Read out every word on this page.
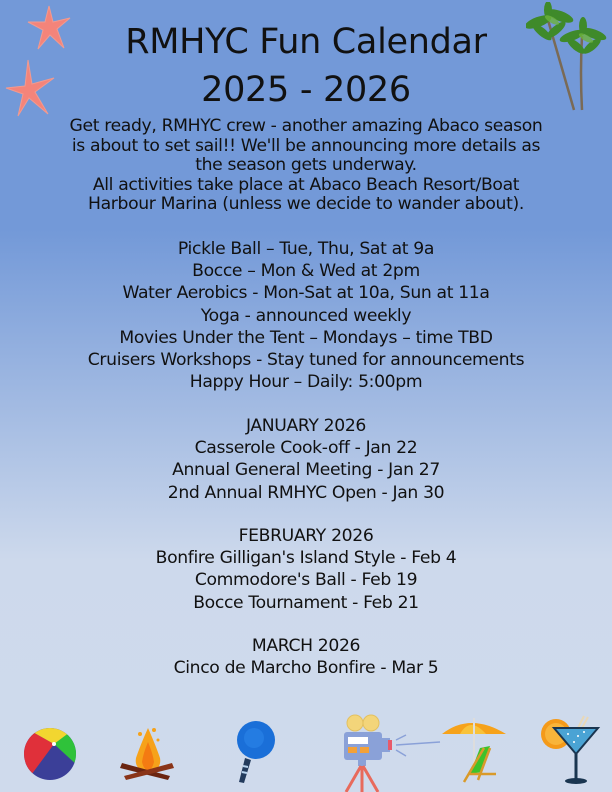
RMHYC Fun Calendar
2025 - 2026
Get ready, RMHYC crew - another amazing Abaco season
is about to set sail!! We'll be announcing more details as
the season gets underway.
All activities take place at Abaco Beach Resort/Boat
Harbour Marina (unless we decide to wander about).
Pickle Ball – Tue, Thu, Sat at 9a
Bocce – Mon & Wed at 2pm
Water Aerobics - Mon-Sat at 10a, Sun at 11a
Yoga - announced weekly
Movies Under the Tent – Mondays – time TBD
Cruisers Workshops - Stay tuned for announcements
Happy Hour – Daily: 5:00pm
JANUARY 2026
Casserole Cook-off - Jan 22
Annual General Meeting - Jan 27
2nd Annual RMHYC Open - Jan 30
FEBRUARY 2026
Bonfire Gilligan's Island Style - Feb 4
Commodore's Ball - Feb 19
Bocce Tournament - Feb 21
MARCH 2026
Cinco de Marcho Bonfire - Mar 5
